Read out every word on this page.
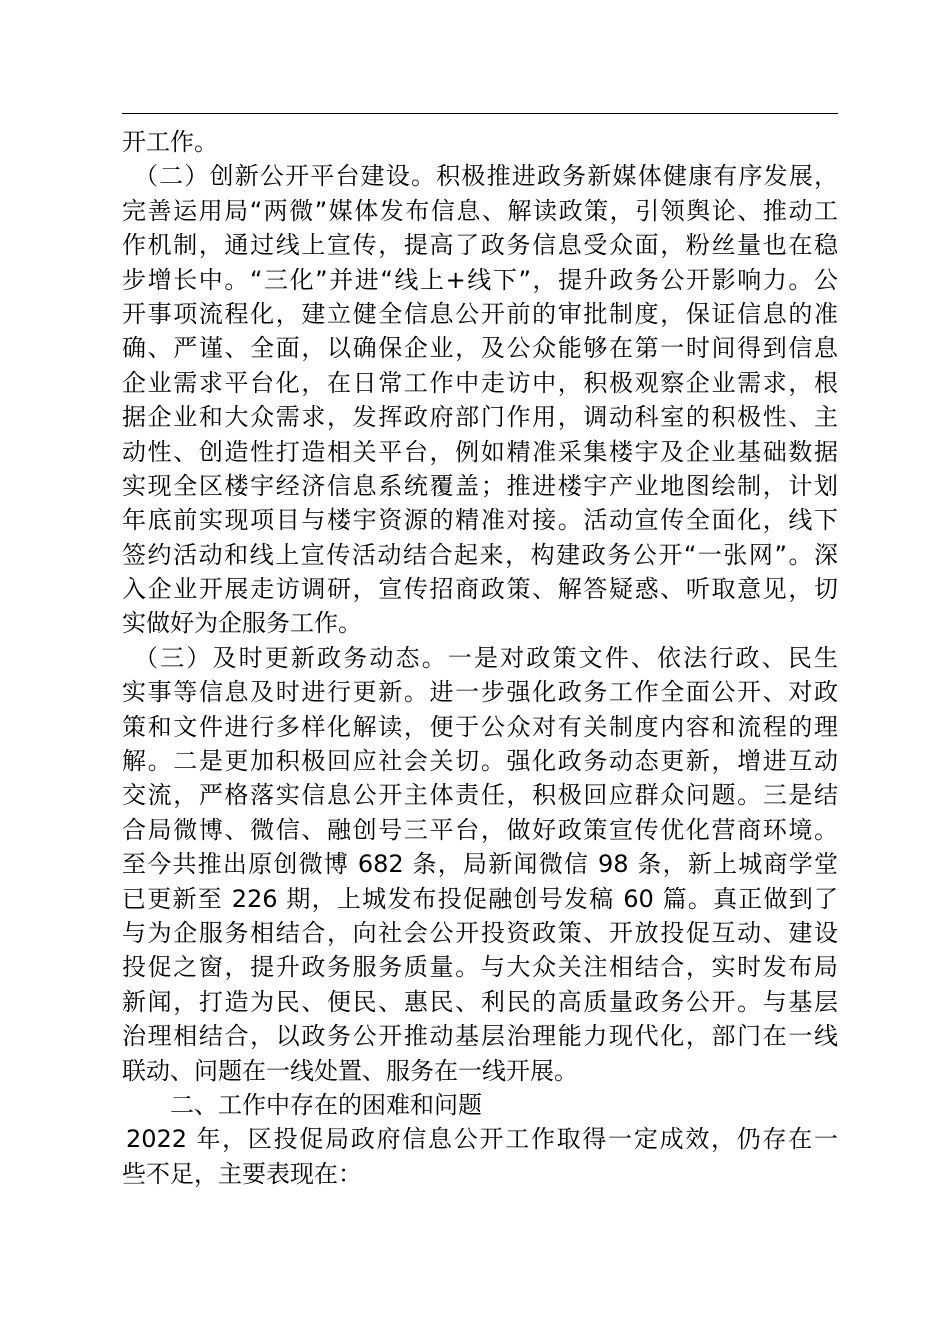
开工作。
（二）创新公开平台建设。积极推进政务新媒体健康有序发展，
完善运用局“两微”媒体发布信息、解读政策，引领舆论、推动工
作机制，通过线上宣传，提高了政务信息受众面，粉丝量也在稳
步增长中。“三化”并进“线上+线下”，提升政务公开影响力。公
开事项流程化，建立健全信息公开前的审批制度，保证信息的准
确、严谨、全面，以确保企业，及公众能够在第一时间得到信息
企业需求平台化，在日常工作中走访中，积极观察企业需求，根
据企业和大众需求，发挥政府部门作用，调动科室的积极性、主
动性、创造性打造相关平台，例如精准采集楼宇及企业基础数据
实现全区楼宇经济信息系统覆盖；推进楼宇产业地图绘制，计划
年底前实现项目与楼宇资源的精准对接。活动宣传全面化，线下
签约活动和线上宣传活动结合起来，构建政务公开“一张网”。深
入企业开展走访调研，宣传招商政策、解答疑惑、听取意见，切
实做好为企服务工作。
（三）及时更新政务动态。一是对政策文件、依法行政、民生
实事等信息及时进行更新。进一步强化政务工作全面公开、对政
策和文件进行多样化解读，便于公众对有关制度内容和流程的理
解。二是更加积极回应社会关切。强化政务动态更新，增进互动
交流，严格落实信息公开主体责任，积极回应群众问题。三是结
合局微博、微信、融创号三平台，做好政策宣传优化营商环境。
至今共推出原创微博 682 条，局新闻微信 98 条，新上城商学堂
已更新至 226 期，上城发布投促融创号发稿 60 篇。真正做到了
与为企服务相结合，向社会公开投资政策、开放投促互动、建设
投促之窗，提升政务服务质量。与大众关注相结合，实时发布局
新闻，打造为民、便民、惠民、利民的高质量政务公开。与基层
治理相结合，以政务公开推动基层治理能力现代化，部门在一线
联动、问题在一线处置、服务在一线开展。
二、工作中存在的困难和问题
2022 年，区投促局政府信息公开工作取得一定成效，仍存在一
些不足，主要表现在：
